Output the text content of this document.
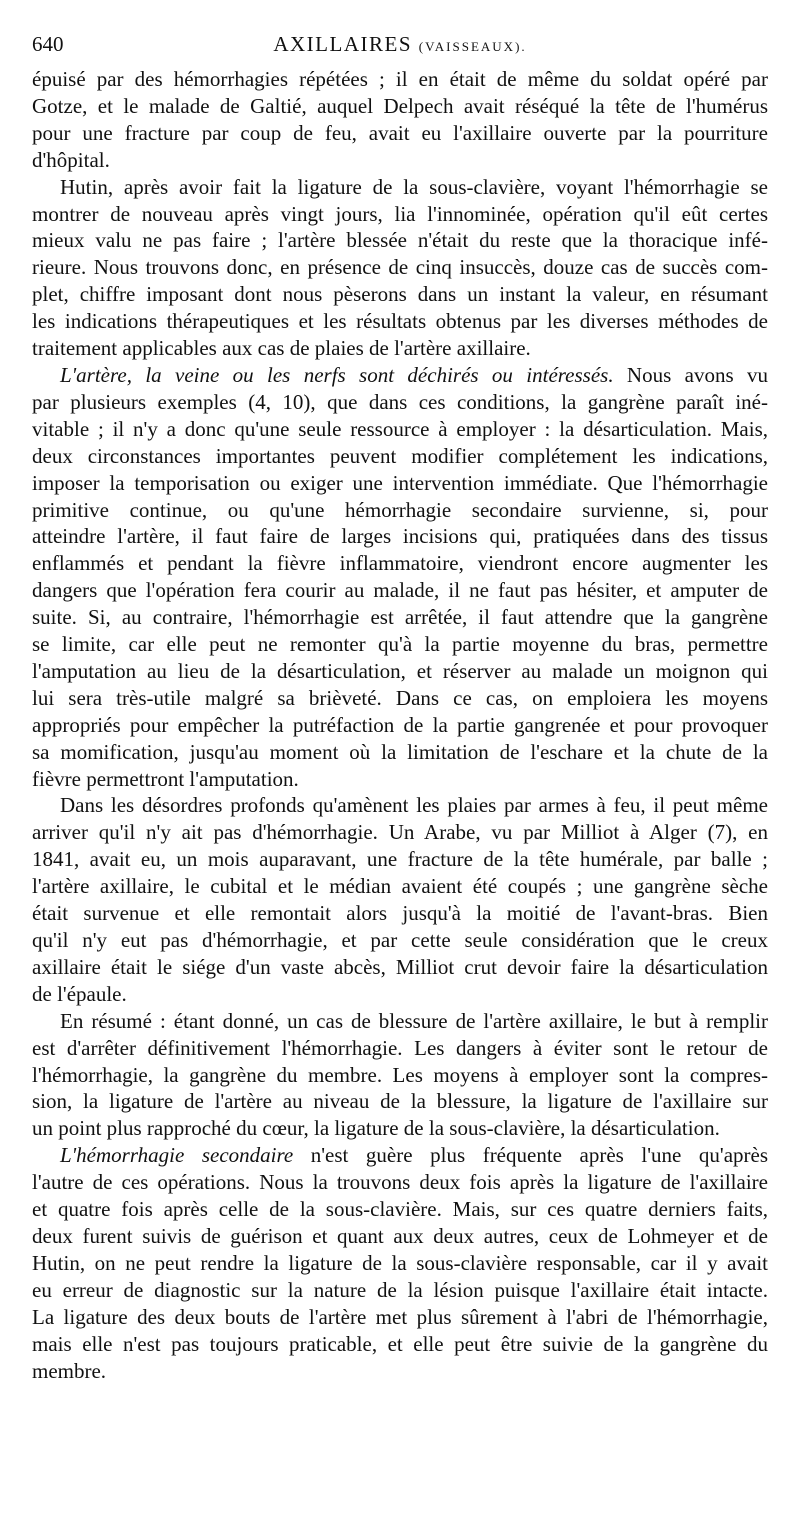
640	AXILLAIRES (VAISSEAUX).

épuisé par des hémorrhagies répétées ; il en était de même du soldat opéré par
Gotze, et le malade de Galtié, auquel Delpech avait réséqué la tête de l'humérus
pour une fracture par coup de feu, avait eu l'axillaire ouverte par la pourriture
d'hôpital.

Hutin, après avoir fait la ligature de la sous-clavière, voyant l'hémorrhagie se
montrer de nouveau après vingt jours, lia l'innominée, opération qu'il eût certes
mieux valu ne pas faire ; l'artère blessée n'était du reste que la thoracique infé-
rieure. Nous trouvons donc, en présence de cinq insuccès, douze cas de succès com-
plet, chiffre imposant dont nous pèserons dans un instant la valeur, en résumant
les indications thérapeutiques et les résultats obtenus par les diverses méthodes de
traitement applicables aux cas de plaies de l'artère axillaire.

L'artère, la veine ou les nerfs sont déchirés ou intéressés. Nous avons vu
par plusieurs exemples (4, 10), que dans ces conditions, la gangrène paraît iné-
vitable ; il n'y a donc qu'une seule ressource à employer : la désarticulation. Mais,
deux circonstances importantes peuvent modifier complétement les indications,
imposer la temporisation ou exiger une intervention immédiate. Que l'hémorrhagie
primitive continue, ou qu'une hémorrhagie secondaire survienne, si, pour
atteindre l'artère, il faut faire de larges incisions qui, pratiquées dans des tissus
enflammés et pendant la fièvre inflammatoire, viendront encore augmenter les
dangers que l'opération fera courir au malade, il ne faut pas hésiter, et amputer de
suite. Si, au contraire, l'hémorrhagie est arrêtée, il faut attendre que la gangrène
se limite, car elle peut ne remonter qu'à la partie moyenne du bras, permettre
l'amputation au lieu de la désarticulation, et réserver au malade un moignon qui
lui sera très-utile malgré sa brièveté. Dans ce cas, on emploiera les moyens
appropriés pour empêcher la putréfaction de la partie gangrenée et pour provoquer
sa momification, jusqu'au moment où la limitation de l'eschare et la chute de la
fièvre permettront l'amputation.

Dans les désordres profonds qu'amènent les plaies par armes à feu, il peut même
arriver qu'il n'y ait pas d'hémorrhagie. Un Arabe, vu par Milliot à Alger (7), en
1841, avait eu, un mois auparavant, une fracture de la tête humérale, par balle ;
l'artère axillaire, le cubital et le médian avaient été coupés ; une gangrène sèche
était survenue et elle remontait alors jusqu'à la moitié de l'avant-bras. Bien
qu'il n'y eut pas d'hémorrhagie, et par cette seule considération que le creux
axillaire était le siége d'un vaste abcès, Milliot crut devoir faire la désarticulation
de l'épaule.

En résumé : étant donné, un cas de blessure de l'artère axillaire, le but à remplir
est d'arrêter définitivement l'hémorrhagie. Les dangers à éviter sont le retour de
l'hémorrhagie, la gangrène du membre. Les moyens à employer sont la compres-
sion, la ligature de l'artère au niveau de la blessure, la ligature de l'axillaire sur
un point plus rapproché du cœur, la ligature de la sous-clavière, la désarticulation.

L'hémorrhagie secondaire n'est guère plus fréquente après l'une qu'après
l'autre de ces opérations. Nous la trouvons deux fois après la ligature de l'axillaire
et quatre fois après celle de la sous-clavière. Mais, sur ces quatre derniers faits,
deux furent suivis de guérison et quant aux deux autres, ceux de Lohmeyer et de
Hutin, on ne peut rendre la ligature de la sous-clavière responsable, car il y avait
eu erreur de diagnostic sur la nature de la lésion puisque l'axillaire était intacte.
La ligature des deux bouts de l'artère met plus sûrement à l'abri de l'hémorrhagie,
mais elle n'est pas toujours praticable, et elle peut être suivie de la gangrène du
membre.
